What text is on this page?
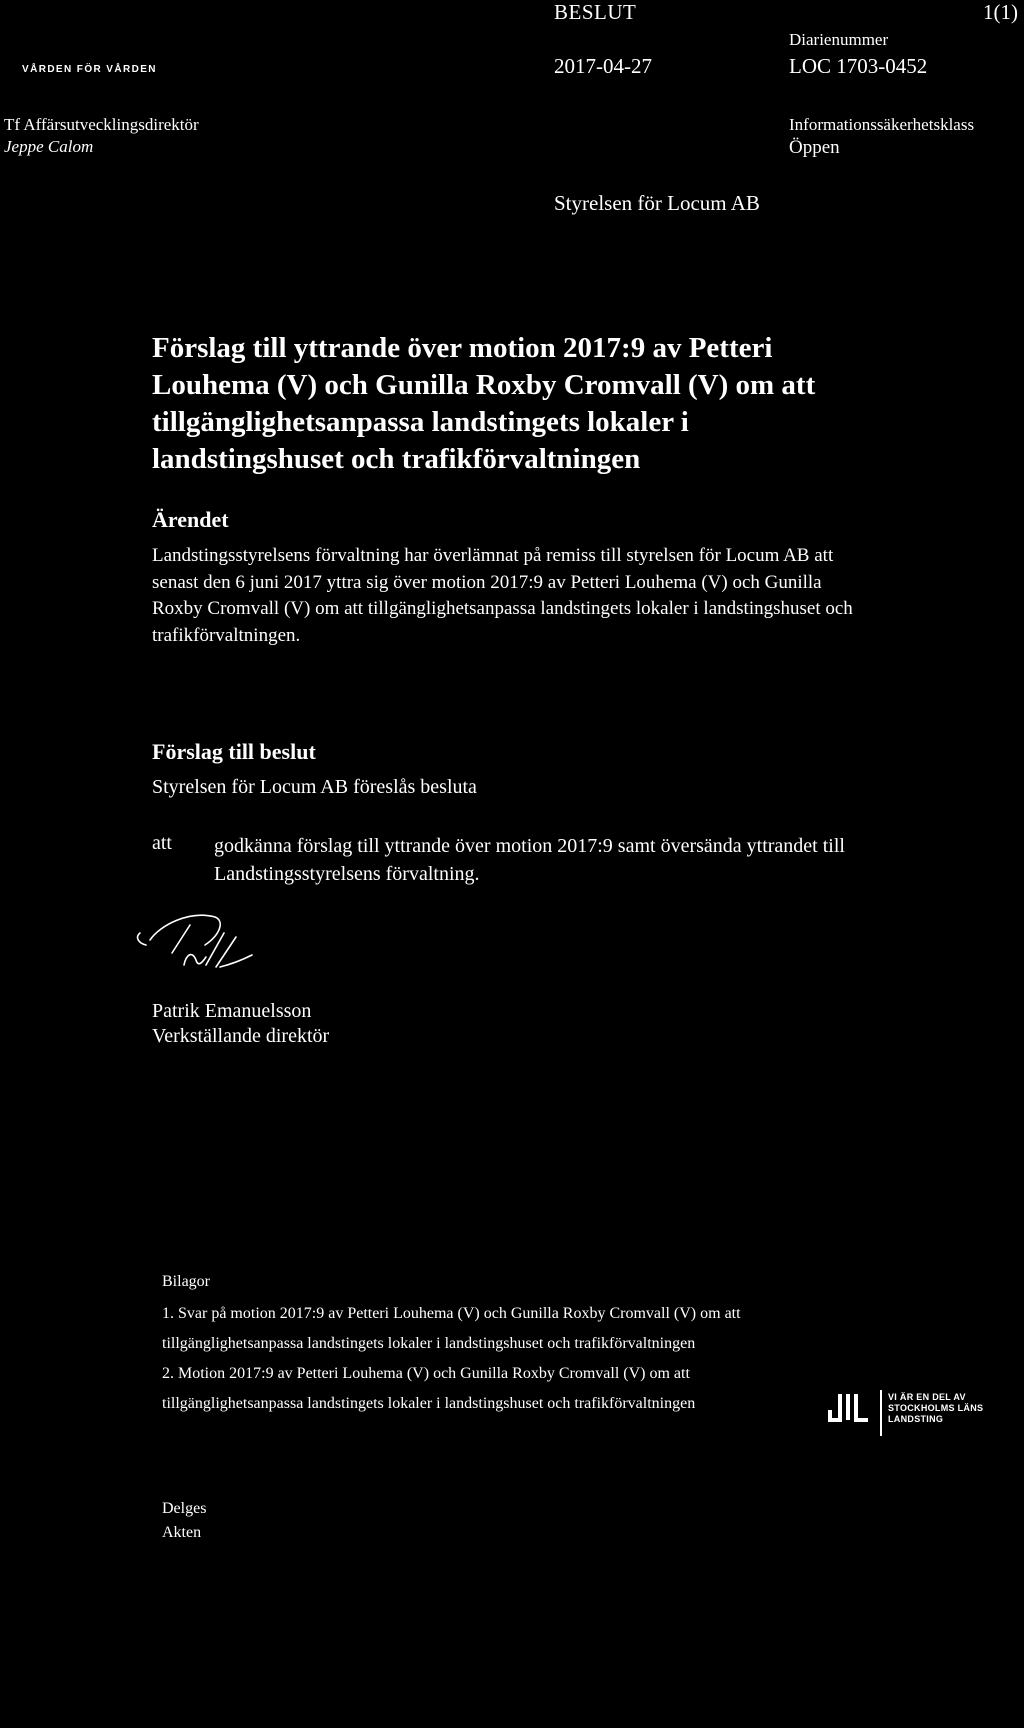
VÅRDEN FÖR VÅRDEN
BESLUT	1(1)
Diarienummer
2017-04-27	LOC 1703-0452
Tf Affärsutvecklingsdirektör
Jeppe Calom
Informationssäkerhetsklass
Öppen
Styrelsen för Locum AB
Förslag till yttrande över motion 2017:9 av Petteri Louhema (V) och Gunilla Roxby Cromvall (V) om att tillgänglighetsanpassa landstingets lokaler i landstingshuset och trafikförvaltningen
Ärendet
Landstingsstyrelsens förvaltning har överlämnat på remiss till styrelsen för Locum AB att senast den 6 juni 2017 yttra sig över motion 2017:9 av Petteri Louhema (V) och Gunilla Roxby Cromvall (V) om att tillgänglighetsanpassa landstingets lokaler i landstingshuset och trafikförvaltningen.
Förslag till beslut
Styrelsen för Locum AB föreslås besluta
att godkänna förslag till yttrande över motion 2017:9 samt översända yttrandet till Landstingsstyrelsens förvaltning.
Patrik Emanuelsson
Verkställande direktör
Bilagor
1. Svar på motion 2017:9 av Petteri Louhema (V) och Gunilla Roxby Cromvall (V) om att tillgänglighetsanpassa landstingets lokaler i landstingshuset och trafikförvaltningen
2. Motion 2017:9 av Petteri Louhema (V) och Gunilla Roxby Cromvall (V) om att tillgänglighetsanpassa landstingets lokaler i landstingshuset och trafikförvaltningen
Delges
Akten
VI ÄR EN DEL AV STOCKHOLMS LÄNS LANDSTING
